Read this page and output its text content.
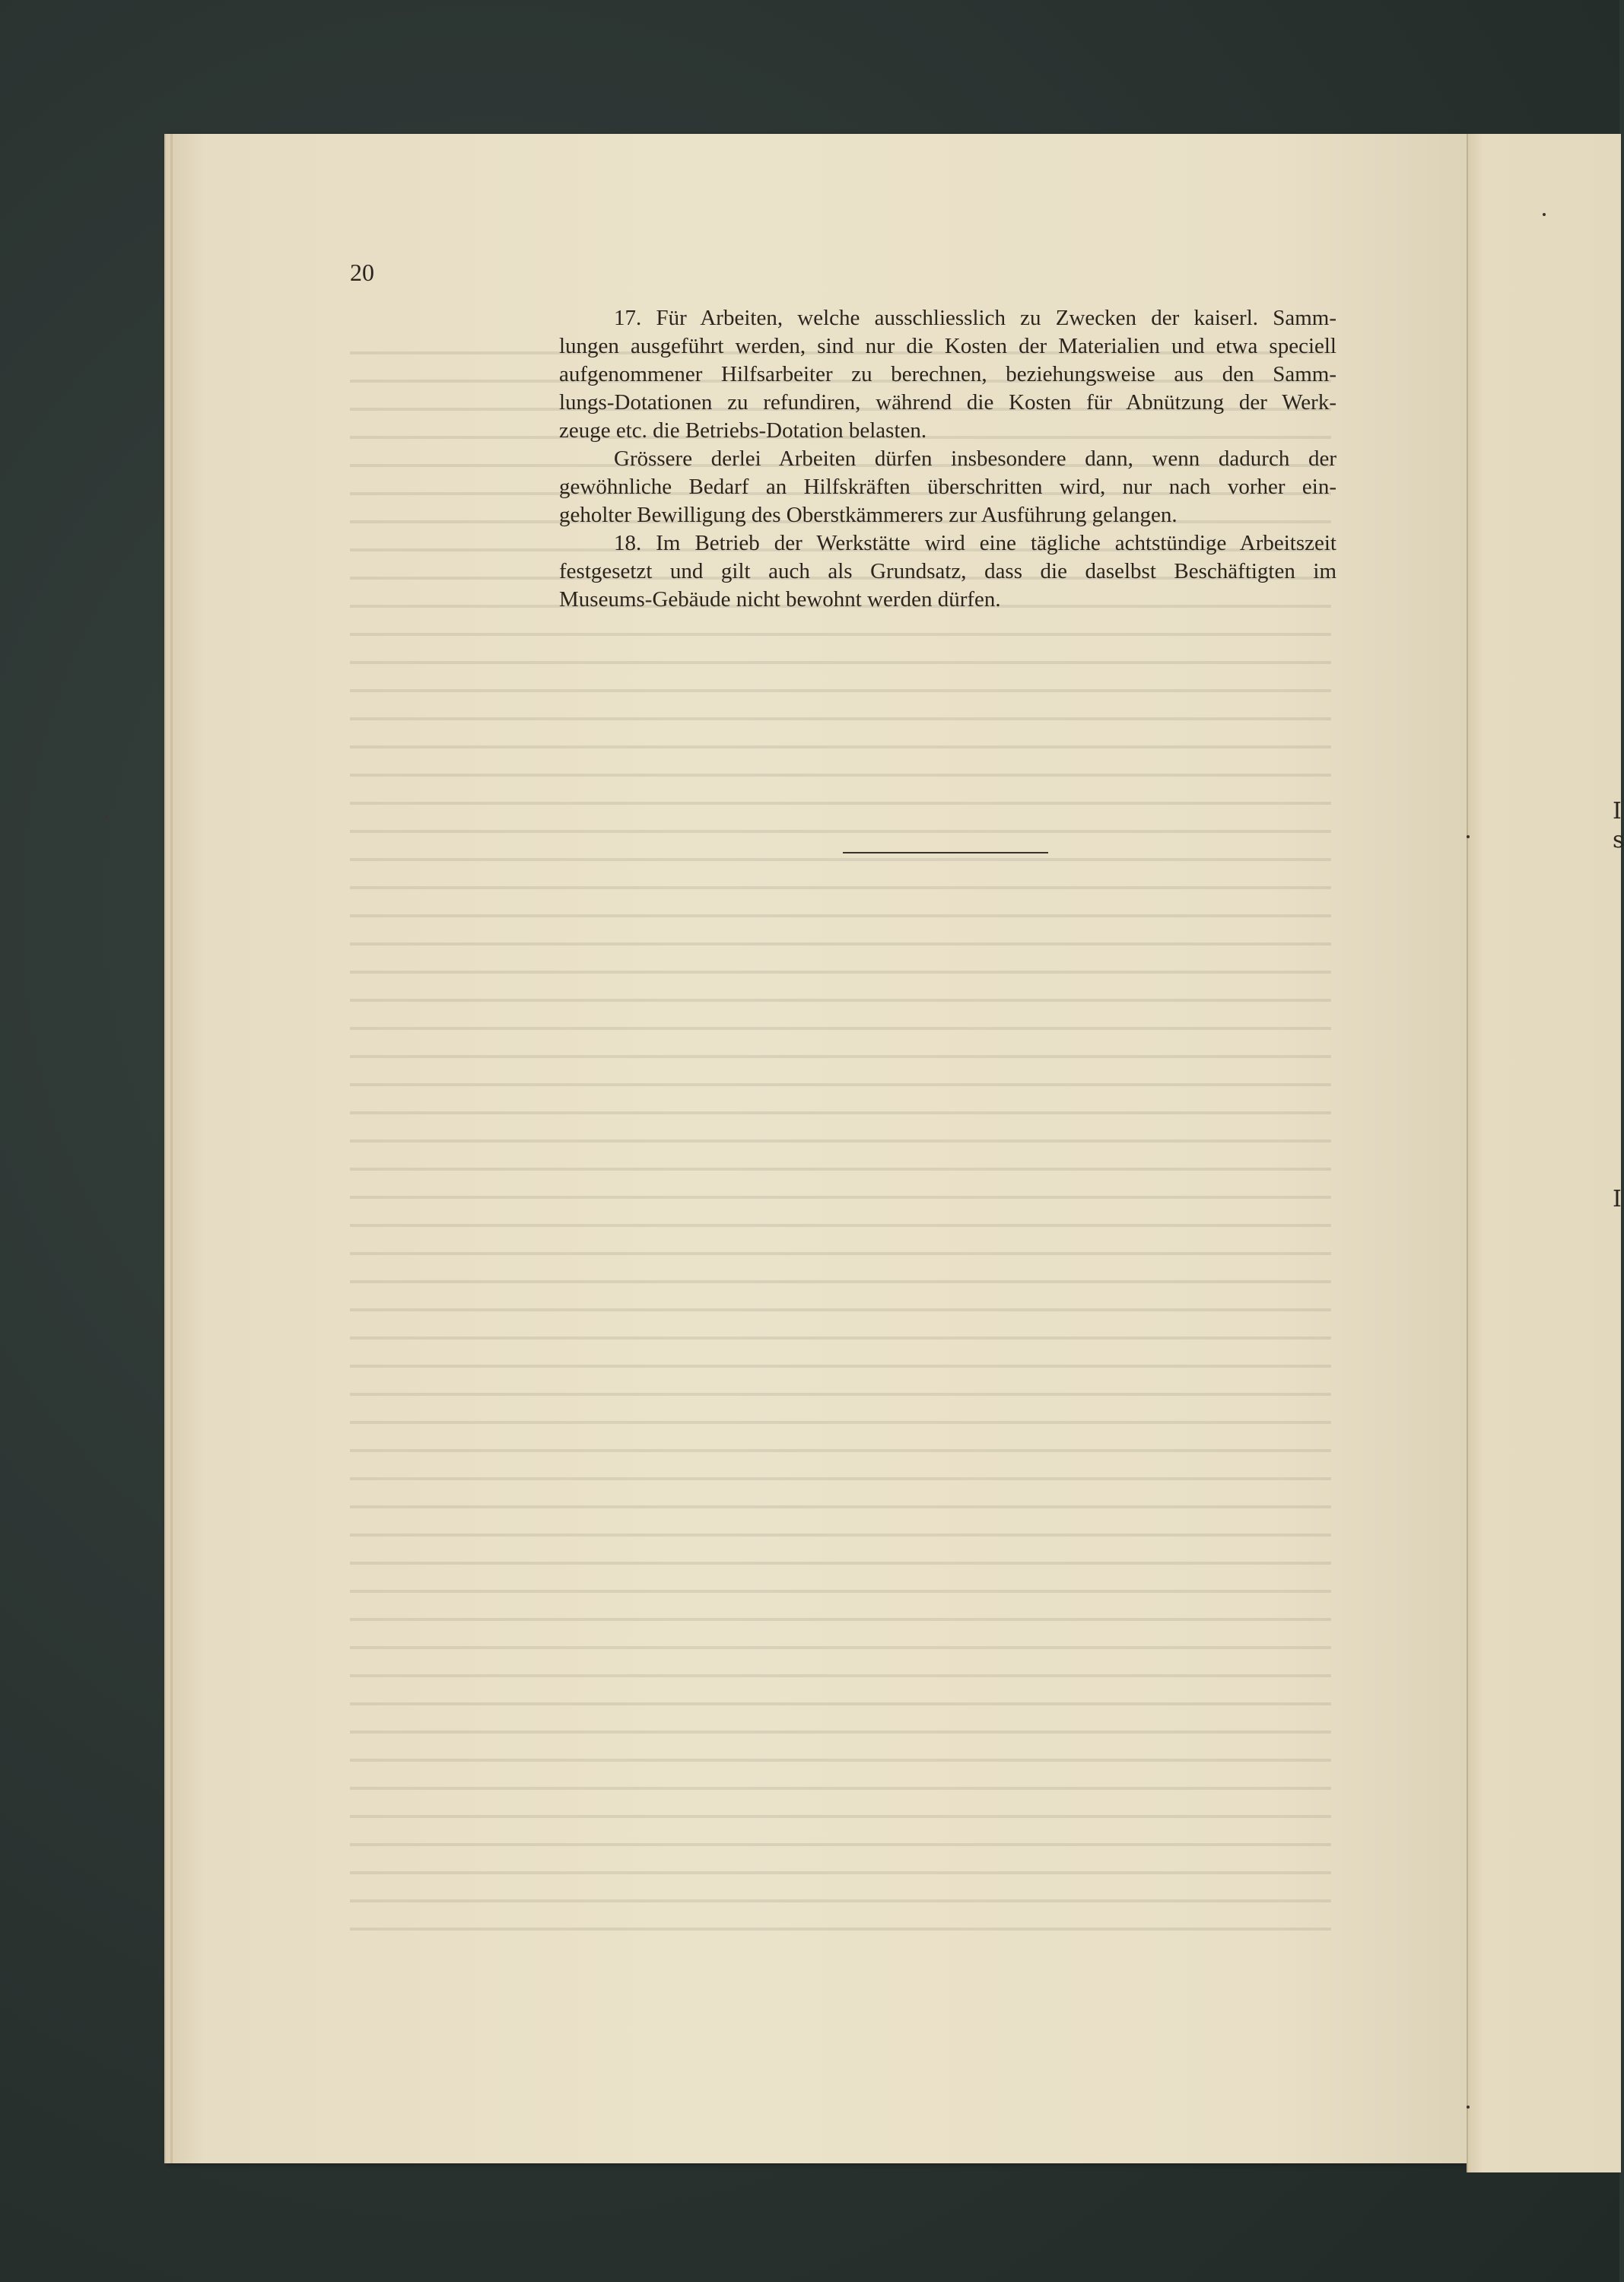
I
s
I
20
17. Für Arbeiten, welche ausschliesslich zu Zwecken der kaiserl. Samm-
lungen ausgeführt werden, sind nur die Kosten der Materialien und etwa speciell
aufgenommener Hilfsarbeiter zu berechnen, beziehungsweise aus den Samm-
lungs-Dotationen zu refundiren, während die Kosten für Abnützung der Werk-
zeuge etc. die Betriebs-Dotation belasten.
Grössere derlei Arbeiten dürfen insbesondere dann, wenn dadurch der
gewöhnliche Bedarf an Hilfskräften überschritten wird, nur nach vorher ein-
geholter Bewilligung des Oberstkämmerers zur Ausführung gelangen.
18. Im Betrieb der Werkstätte wird eine tägliche achtstündige Arbeitszeit
festgesetzt und gilt auch als Grundsatz, dass die daselbst Beschäftigten im
Museums-Gebäude nicht bewohnt werden dürfen.
